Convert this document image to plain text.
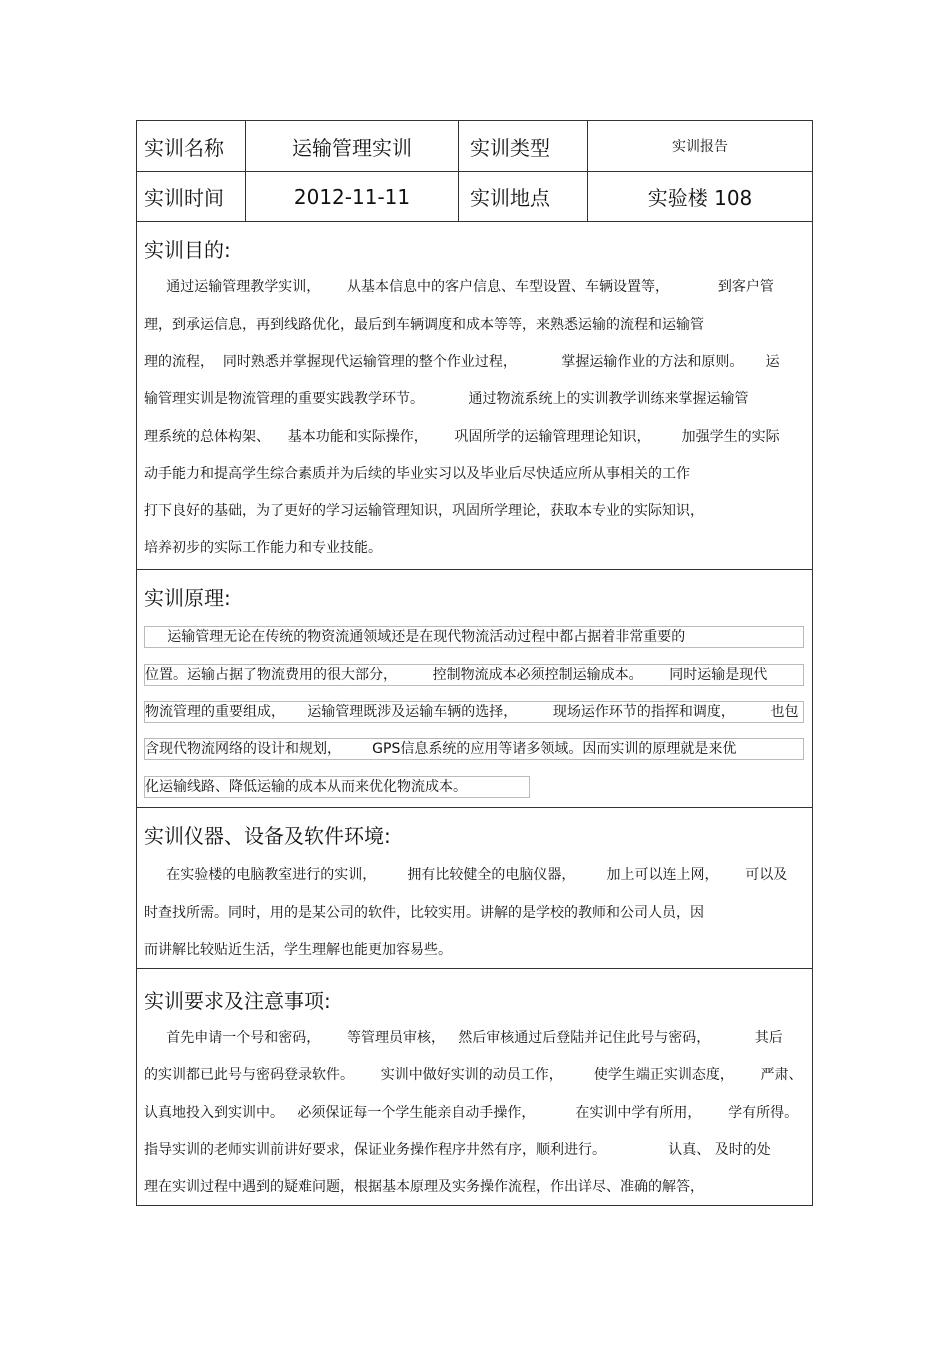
实训名称	运输管理实训	实训类型	实训报告
实训时间	2012-11-11	实训地点	实验楼 108
实训目的:
通过运输管理教学实训，      从基本信息中的客户信息、车型设置、车辆设置等，           到客户管
理，到承运信息，再到线路优化，最后到车辆调度和成本等等，来熟悉运输的流程和运输管
理的流程，  同时熟悉并掌握现代运输管理的整个作业过程，          掌握运输作业的方法和原则。     运
输管理实训是物流管理的重要实践教学环节。          通过物流系统上的实训教学训练来掌握运输管
理系统的总体构架、    基本功能和实际操作，      巩固所学的运输管理理论知识，       加强学生的实际
动手能力和提高学生综合素质并为后续的毕业实习以及毕业后尽快适应所从事相关的工作
打下良好的基础，为了更好的学习运输管理知识，巩固所学理论，获取本专业的实际知识，
培养初步的实际工作能力和专业技能。
实训原理:
运输管理无论在传统的物资流通领域还是在现代物流活动过程中都占据着非常重要的
位置。运输占据了物流费用的很大部分，        控制物流成本必须控制运输成本。      同时运输是现代
物流管理的重要组成，     运输管理既涉及运输车辆的选择，        现场运作环节的指挥和调度，        也包
含现代物流网络的设计和规划，       GPS信息系统的应用等诸多领域。因而实训的原理就是来优
化运输线路、降低运输的成本从而来优化物流成本。
实训仪器、设备及软件环境:
在实验楼的电脑教室进行的实训，       拥有比较健全的电脑仪器，       加上可以连上网，      可以及
时查找所需。同时，用的是某公司的软件，比较实用。讲解的是学校的教师和公司人员，因
而讲解比较贴近生活，学生理解也能更加容易些。
实训要求及注意事项:
首先申请一个号和密码，      等管理员审核，   然后审核通过后登陆并记住此号与密码，          其后
的实训都已此号与密码登录软件。      实训中做好实训的动员工作，       使学生端正实训态度，      严肃、
认真地投入到实训中。   必须保证每一个学生能亲自动手操作，         在实训中学有所用，      学有所得。
指导实训的老师实训前讲好要求，保证业务操作程序井然有序，顺利进行。              认真、 及时的处
理在实训过程中遇到的疑难问题，根据基本原理及实务操作流程，作出详尽、准确的解答，
